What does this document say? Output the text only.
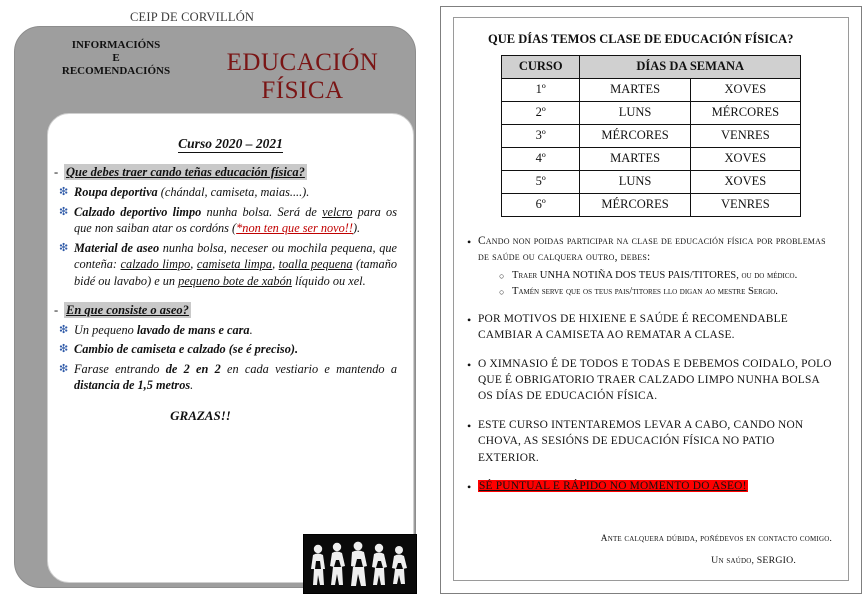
CEIP DE CORVILLÓN
INFORMACIÓNS
E
RECOMENDACIÓNS	EDUCACIÓN FÍSICA
Curso 2020 – 2021
- Que debes traer cando teñas educación física?
❇ Roupa deportiva (chándal, camiseta, maias....).
❇ Calzado deportivo limpo nunha bolsa. Será de velcro para os que non saiban atar os cordóns (*non ten que ser novo!!).
❇ Material de aseo nunha bolsa, neceser ou mochila pequena, que conteña: calzado limpo, camiseta limpa, toalla pequena (tamaño bidé ou lavabo) e un pequeno bote de xabón líquido ou xel.
- En que consiste o aseo?
❇ Un pequeno lavado de mans e cara.
❇ Cambio de camiseta e calzado (se é preciso).
❇ Farase entrando de 2 en 2 en cada vestiario e mantendo a distancia de 1,5 metros.
GRAZAS!!
QUE DÍAS TEMOS CLASE DE EDUCACIÓN FÍSICA?
CURSO	DÍAS DA SEMANA	
1º	MARTES	XOVES
2º	LUNS	MÉRCORES
3º	MÉRCORES	VENRES
4º	MARTES	XOVES
5º	LUNS	XOVES
6º	MÉRCORES	VENRES
• Cando non poidas participar na clase de educación física por problemas de saúde ou calquera outro, debes:
○ Traer UNHA NOTIÑA DOS TEUS PAIS/TITORES, ou do médico.
○ Tamén serve que os teus pais/titores llo digan ao mestre Sergio.
• POR MOTIVOS DE HIXIENE E SAÚDE É RECOMENDABLE CAMBIAR A CAMISETA AO REMATAR A CLASE.
• O XIMNASIO É DE TODOS E TODAS E DEBEMOS COIDALO, POLO QUE É OBRIGATORIO TRAER CALZADO LIMPO NUNHA BOLSA OS DÍAS DE EDUCACIÓN FÍSICA.
• ESTE CURSO INTENTAREMOS LEVAR A CABO, CANDO NON CHOVA, AS SESIÓNS DE EDUCACIÓN FÍSICA NO PATIO EXTERIOR.
• SÉ PUNTUAL E RÁPIDO NO MOMENTO DO ASEO!
Ante calquera dúbida, poñédevos en contacto comigo.
Un saúdo, SERGIO.
